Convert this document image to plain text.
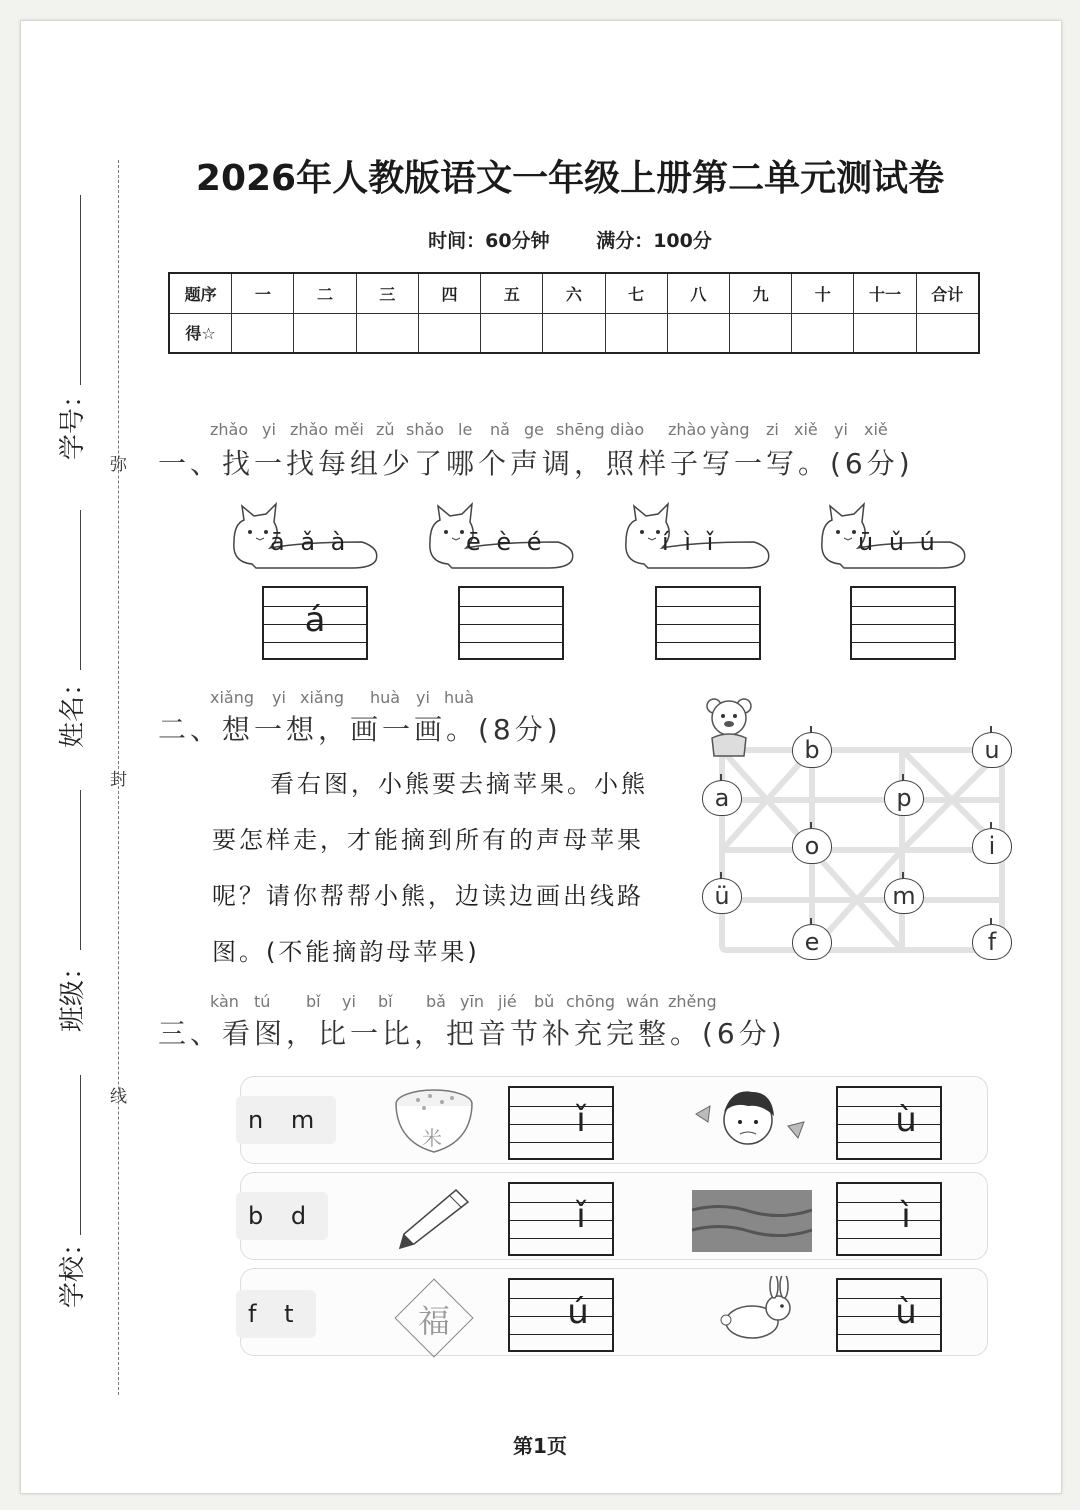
弥
封
线
学号：
姓名：
班级：
学校：
2026年人教版语文一年级上册第二单元测试卷
时间：60分钟 满分：100分
题序	一	二	三	四	五	六	七	八	九	十	十一	合计
得☆												
zhǎo yi zhǎo měi zǔ shǎo le nǎ ge shēng diào zhào yàng zi xiě yi xiě
一、找一找每组少了哪个声调，照样子写一写。(6分)
ā ǎ à	ē è é	í ì ǐ	ū ǔ ú
á
xiǎng yi xiǎng huà yi huà
二、想一想，画一画。(8分)
看右图，小熊要去摘苹果。小熊
要怎样走，才能摘到所有的声母苹果
呢？请你帮帮小熊，边读边画出线路
图。(不能摘韵母苹果)
b	u
a	p
o	i
ü	m
e	f
kàn tú bǐ yi bǐ bǎ yīn jié bǔ chōng wán zhěng
三、看图，比一比，把音节补充完整。(6分)
n m
米	ǐ	ù
b d	ǐ	ì
f t	福	ú	ù
第1页
